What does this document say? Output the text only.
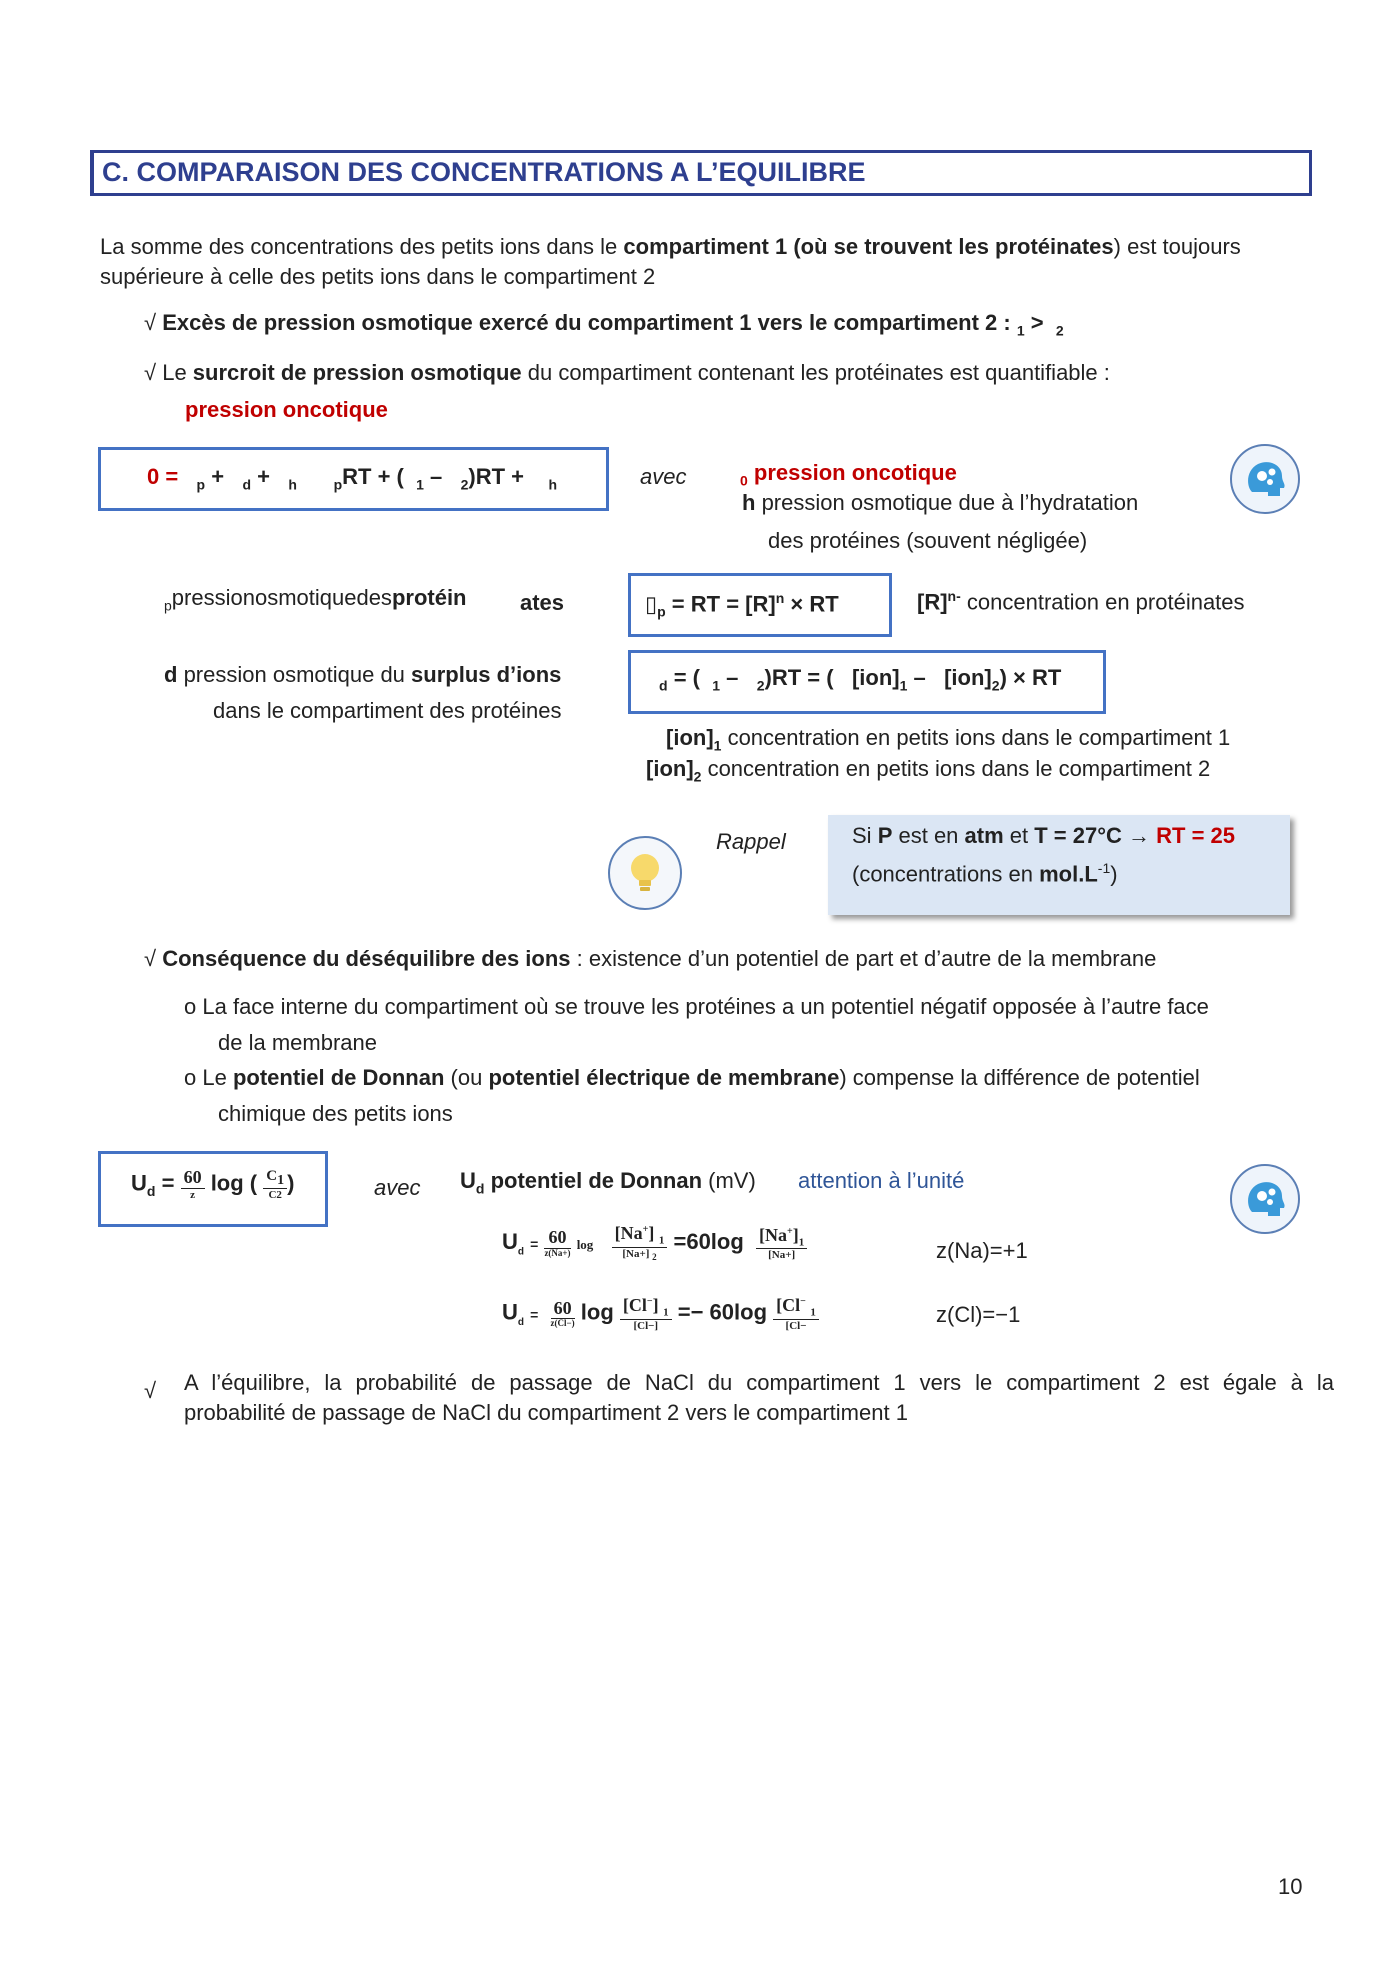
C. COMPARAISON DES CONCENTRATIONS A L’EQUILIBRE
La somme des concentrations des petits ions dans le compartiment 1 (où se trouvent les protéinates) est toujours
supérieure à celle des petits ions dans le compartiment 2
√ Excès de pression osmotique exercé du compartiment 1 vers le compartiment 2 : $_1$ > $_2$
√ Le surcroit de pression osmotique du compartiment contenant les protéinates est quantifiable :
pression oncotique
0 = $_p$ + $_d$ + $_h$	$_p$RT + ( $_1$ – $_2$)RT + $_h$	avec	$_0$ pression oncotique
h pression osmotique due à l’hydratation
des protéines (souvent négligée)
$_p$pressionosmotiquedesprotéin ates	$▯_p$ = RT = $[R]^n$ × RT	$[R]^{n-}$ concentration en protéinates
d pression osmotique du surplus d’ions
dans le compartiment des protéines
$_d$ = ( $_1$ – $_2$)RT = ( $[ion]_1 - [ion]_2$) × RT
$[ion]_1$ concentration en petits ions dans le compartiment 1
$[ion]_2$ concentration en petits ions dans le compartiment 2
Rappel	Si P est en atm et T = 27°C → RT = 25
(concentrations en $mol.L^{-1}$)
√ Conséquence du déséquilibre des ions : existence d’un potentiel de part et d’autre de la membrane
o La face interne du compartiment où se trouve les protéines a un potentiel négatif opposée à l’autre face
de la membrane
o Le potentiel de Donnan (ou potentiel électrique de membrane) compense la différence de potentiel
chimique des petits ions
$U_d = \frac{60}{z}$ log ( $\frac{C_1}{C2}$ )	avec $U_d$ potentiel de Donnan (mV) attention à l’unité
$U_d = \frac{60}{z(Na+)}$ $\log \frac{[Na^+] _1}{[Na+] _2} =60\log \frac{[Na^+]_1}{[Na+]}$	z(Na)=+1
$U_d = \frac{60}{z(Cl-)}$ $\log \frac{[Cl^-] _1}{[Cl-]} =- 60\log \frac{[Cl^- _1}{[Cl-}$	z(Cl)=−1
√ A l’équilibre, la probabilité de passage de NaCl du compartiment 1 vers le compartiment 2 est égale à la
probabilité de passage de NaCl du compartiment 2 vers le compartiment 1
10
